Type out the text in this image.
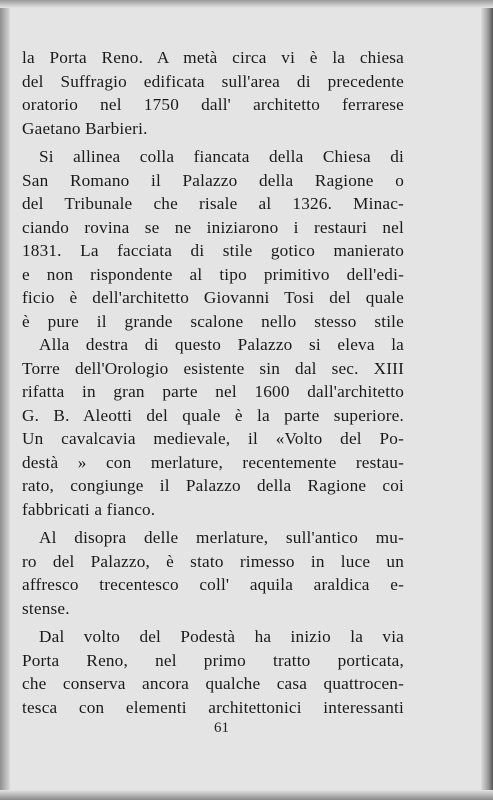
la Porta Reno. A metà circa vi è la chiesa
del Suffragio edificata sull'area di precedente
oratorio nel 1750 dall' architetto ferrarese
Gaetano Barbieri.
Si allinea colla fiancata della Chiesa di
San Romano il Palazzo della Ragione o
del Tribunale che risale al 1326. Minac-
ciando rovina se ne iniziarono i restauri nel
1831. La facciata di stile gotico manierato
e non rispondente al tipo primitivo dell'edi-
ficio è dell'architetto Giovanni Tosi del quale
è pure il grande scalone nello stesso stile
Alla destra di questo Palazzo si eleva la
Torre dell'Orologio esistente sin dal sec. XIII
rifatta in gran parte nel 1600 dall'architetto
G. B. Aleotti del quale è la parte superiore.
Un cavalcavia medievale, il «Volto del Po-
destà » con merlature, recentemente restau-
rato, congiunge il Palazzo della Ragione coi
fabbricati a fianco.
Al disopra delle merlature, sull'antico mu-
ro del Palazzo, è stato rimesso in luce un
affresco trecentesco coll' aquila araldica e-
stense.
Dal volto del Podestà ha inizio la via
Porta Reno, nel primo tratto porticata,
che conserva ancora qualche casa quattrocen-
tesca con elementi architettonici interessanti
61
